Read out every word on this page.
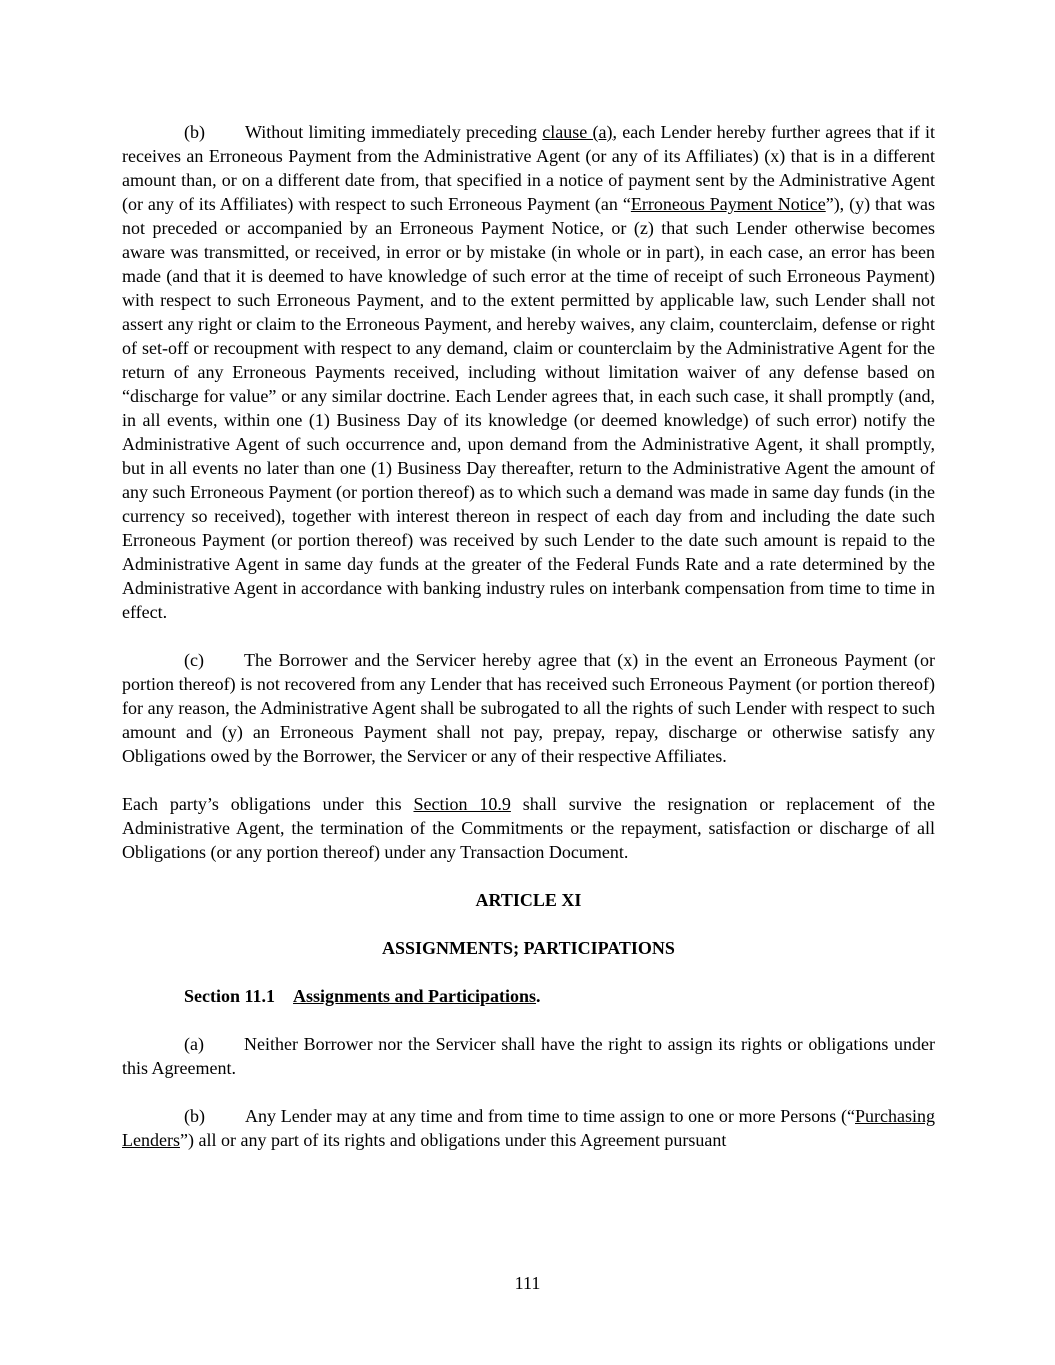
(b) Without limiting immediately preceding clause (a), each Lender hereby further agrees that if it receives an Erroneous Payment from the Administrative Agent (or any of its Affiliates) (x) that is in a different amount than, or on a different date from, that specified in a notice of payment sent by the Administrative Agent (or any of its Affiliates) with respect to such Erroneous Payment (an “Erroneous Payment Notice”), (y) that was not preceded or accompanied by an Erroneous Payment Notice, or (z) that such Lender otherwise becomes aware was transmitted, or received, in error or by mistake (in whole or in part), in each case, an error has been made (and that it is deemed to have knowledge of such error at the time of receipt of such Erroneous Payment) with respect to such Erroneous Payment, and to the extent permitted by applicable law, such Lender shall not assert any right or claim to the Erroneous Payment, and hereby waives, any claim, counterclaim, defense or right of set-off or recoupment with respect to any demand, claim or counterclaim by the Administrative Agent for the return of any Erroneous Payments received, including without limitation waiver of any defense based on “discharge for value” or any similar doctrine. Each Lender agrees that, in each such case, it shall promptly (and, in all events, within one (1) Business Day of its knowledge (or deemed knowledge) of such error) notify the Administrative Agent of such occurrence and, upon demand from the Administrative Agent, it shall promptly, but in all events no later than one (1) Business Day thereafter, return to the Administrative Agent the amount of any such Erroneous Payment (or portion thereof) as to which such a demand was made in same day funds (in the currency so received), together with interest thereon in respect of each day from and including the date such Erroneous Payment (or portion thereof) was received by such Lender to the date such amount is repaid to the Administrative Agent in same day funds at the greater of the Federal Funds Rate and a rate determined by the Administrative Agent in accordance with banking industry rules on interbank compensation from time to time in effect.

(c) The Borrower and the Servicer hereby agree that (x) in the event an Erroneous Payment (or portion thereof) is not recovered from any Lender that has received such Erroneous Payment (or portion thereof) for any reason, the Administrative Agent shall be subrogated to all the rights of such Lender with respect to such amount and (y) an Erroneous Payment shall not pay, prepay, repay, discharge or otherwise satisfy any Obligations owed by the Borrower, the Servicer or any of their respective Affiliates.

Each party’s obligations under this Section 10.9 shall survive the resignation or replacement of the Administrative Agent, the termination of the Commitments or the repayment, satisfaction or discharge of all Obligations (or any portion thereof) under any Transaction Document.

ARTICLE XI

ASSIGNMENTS; PARTICIPATIONS

Section 11.1 Assignments and Participations.

(a) Neither Borrower nor the Servicer shall have the right to assign its rights or obligations under this Agreement.

(b) Any Lender may at any time and from time to time assign to one or more Persons (“Purchasing Lenders”) all or any part of its rights and obligations under this Agreement pursuant

111
